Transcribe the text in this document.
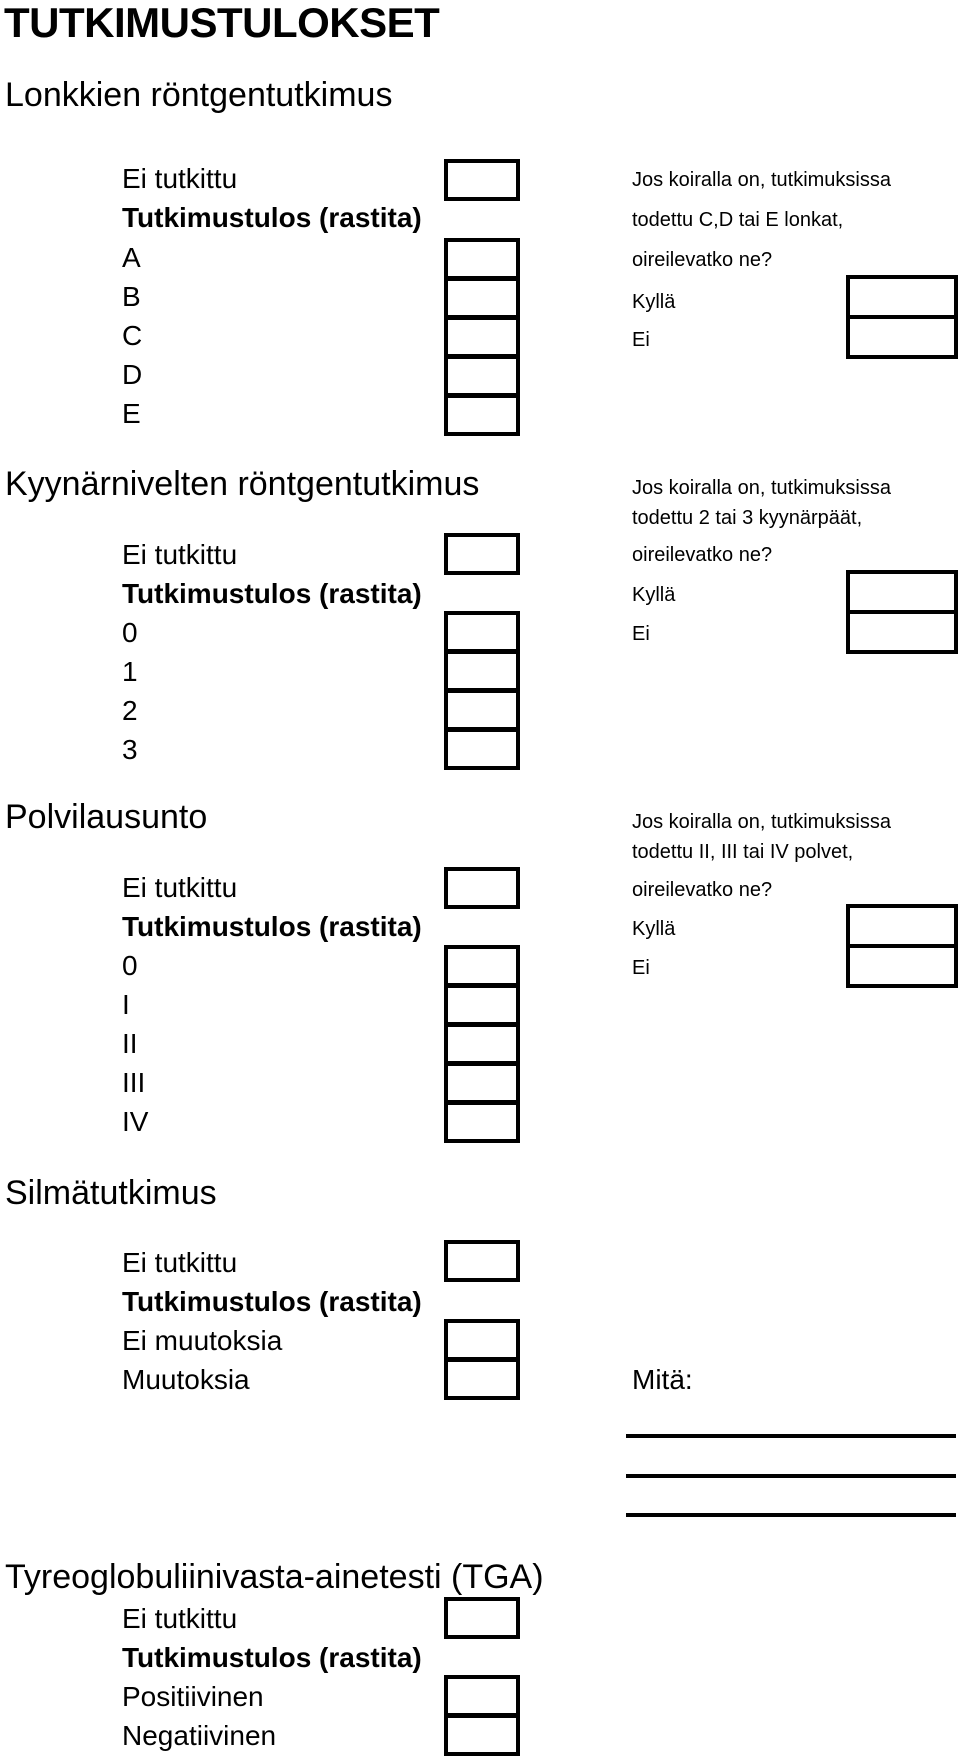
TUTKIMUSTULOKSET
Lonkkien röntgentutkimus
Ei tutkittu
Tutkimustulos (rastita)
A
B
C
D
E
Jos koiralla on, tutkimuksissa
todettu C,D tai E lonkat,
oireilevatko ne?
Kyllä
Ei
Kyynärnivelten röntgentutkimus
Ei tutkittu
Tutkimustulos (rastita)
0
1
2
3
Jos koiralla on, tutkimuksissa
todettu 2 tai 3 kyynärpäät,
oireilevatko ne?
Kyllä
Ei
Polvilausunto
Ei tutkittu
Tutkimustulos (rastita)
0
I
II
III
IV
Jos koiralla on, tutkimuksissa
todettu II, III tai IV polvet,
oireilevatko ne?
Kyllä
Ei
Silmätutkimus
Ei tutkittu
Tutkimustulos (rastita)
Ei muutoksia
Muutoksia	Mitä:
Tyreoglobuliinivasta-ainetesti (TGA)
Ei tutkittu
Tutkimustulos (rastita)
Positiivinen
Negatiivinen
